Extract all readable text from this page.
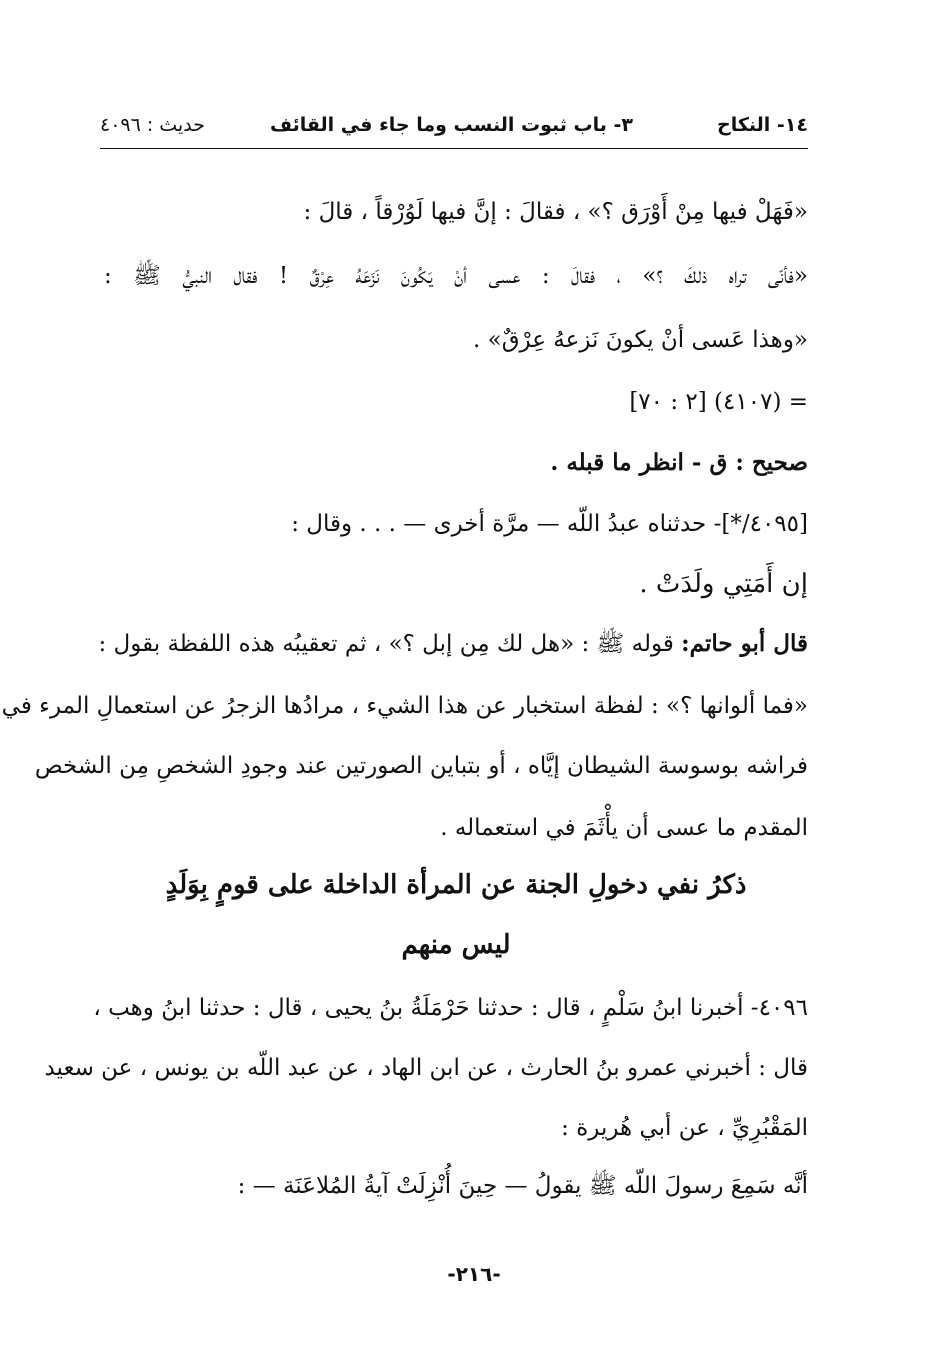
١٤- النكاح
٣- باب ثبوت النسب وما جاء في القائف
حديث : ٤٠٩٦
«فَهَلْ فيها مِنْ أَوْرَق ؟» ، فقالَ : إنَّ فيها لَوُرْقاً ، قالَ :
«فأنّى تراه ذلكَ ؟» ، فقالَ : عسى أنْ يَكُونَ نَزَعَهُ عِرْقٌ ! فقال النبيُّ ﷺ :
«وهذا عَسى أنْ يكونَ نَزعهُ عِرْقٌ» .
= (٤١٠٧) [٢ : ٧٠]
صحيح : ق - انظر ما قبله .
[٤٠٩٥/*]- حدثناه عبدُ اللّه — مرَّة أخرى — . . . وقال :
إن أَمَتِي ولَدَتْ .
قال أبو حاتم: قوله ﷺ : «هل لك مِن إبل ؟» ، ثم تعقيبُه هذه اللفظة بقول :
«فما ألوانها ؟» : لفظة استخبار عن هذا الشيء ، مرادُها الزجرُ عن استعمالِ المرء في
فراشه بوسوسة الشيطان إيَّاه ، أو بتباين الصورتين عند وجودِ الشخصِ مِن الشخص
المقدم ما عسى أن يأْثَمَ في استعماله .
ذكرُ نفي دخولِ الجنة عن المرأة الداخلة على قومٍ بِوَلَدٍ
ليس منهم
٤٠٩٦- أخبرنا ابنُ سَلْمٍ ، قال : حدثنا حَرْمَلَةُ بنُ يحيى ، قال : حدثنا ابنُ وهب ،
قال : أخبرني عمرو بنُ الحارث ، عن ابن الهاد ، عن عبد اللّه بن يونس ، عن سعيد
المَقْبُرِيِّ ، عن أبي هُريرة :
أنَّه سَمِعَ رسولَ اللّه ﷺ يقولُ — حِينَ أُنْزِلَتْ آيةُ المُلاعَنَة — :
-٢١٦-
